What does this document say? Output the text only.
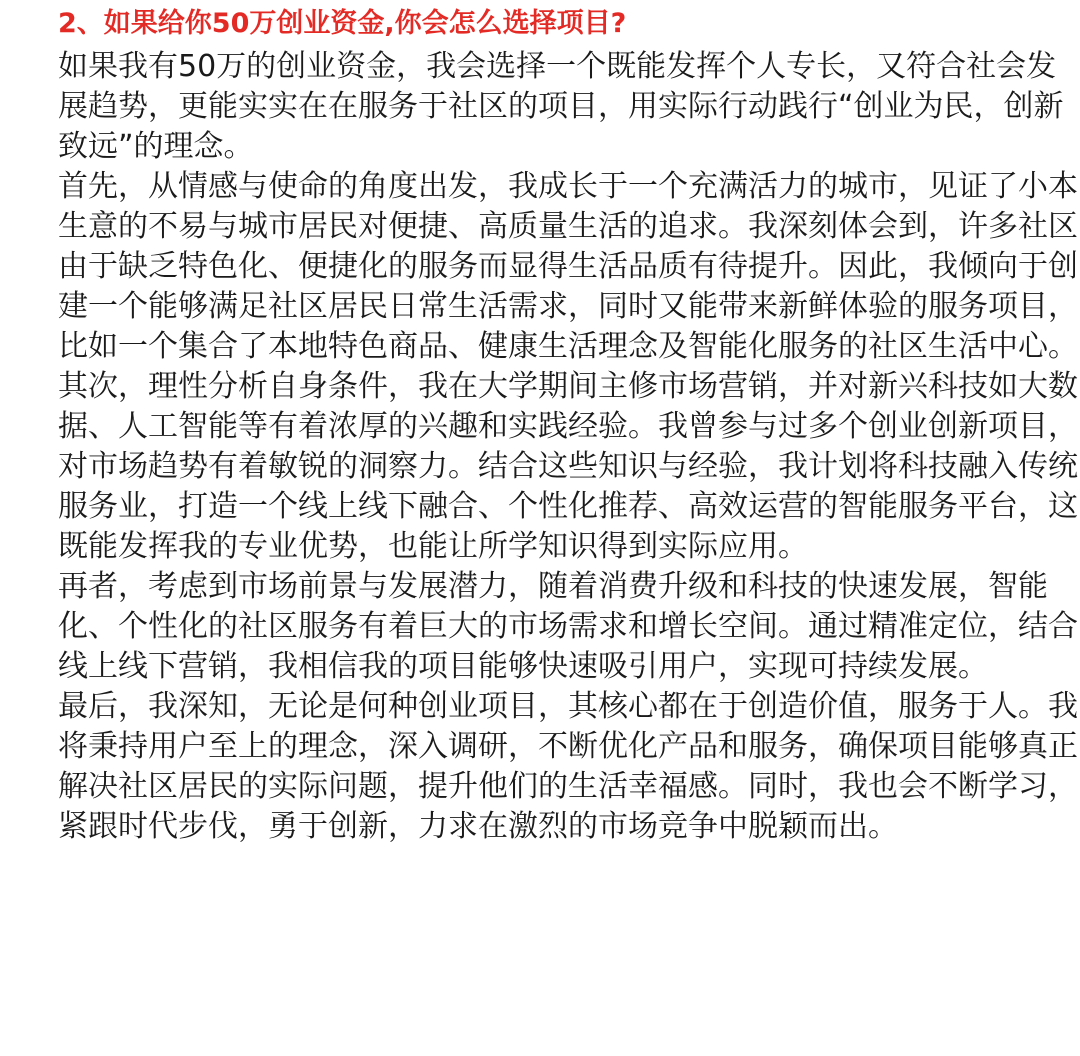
2、如果给你50万创业资金,你会怎么选择项目?

如果我有50万的创业资金，我会选择一个既能发挥个人专长，又符合社会发

展趋势，更能实实在在服务于社区的项目，用实际行动践行“创业为民，创新

致远”的理念。

首先，从情感与使命的角度出发，我成长于一个充满活力的城市，见证了小本

生意的不易与城市居民对便捷、高质量生活的追求。我深刻体会到，许多社区

由于缺乏特色化、便捷化的服务而显得生活品质有待提升。因此，我倾向于创

建一个能够满足社区居民日常生活需求，同时又能带来新鲜体验的服务项目，

比如一个集合了本地特色商品、健康生活理念及智能化服务的社区生活中心。

其次，理性分析自身条件，我在大学期间主修市场营销，并对新兴科技如大数

据、人工智能等有着浓厚的兴趣和实践经验。我曾参与过多个创业创新项目，

对市场趋势有着敏锐的洞察力。结合这些知识与经验，我计划将科技融入传统

服务业，打造一个线上线下融合、个性化推荐、高效运营的智能服务平台，这

既能发挥我的专业优势，也能让所学知识得到实际应用。

再者，考虑到市场前景与发展潜力，随着消费升级和科技的快速发展，智能

化、个性化的社区服务有着巨大的市场需求和增长空间。通过精准定位，结合

线上线下营销，我相信我的项目能够快速吸引用户，实现可持续发展。

最后，我深知，无论是何种创业项目，其核心都在于创造价值，服务于人。我

将秉持用户至上的理念，深入调研，不断优化产品和服务，确保项目能够真正

解决社区居民的实际问题，提升他们的生活幸福感。同时，我也会不断学习，

紧跟时代步伐，勇于创新，力求在激烈的市场竞争中脱颖而出。
